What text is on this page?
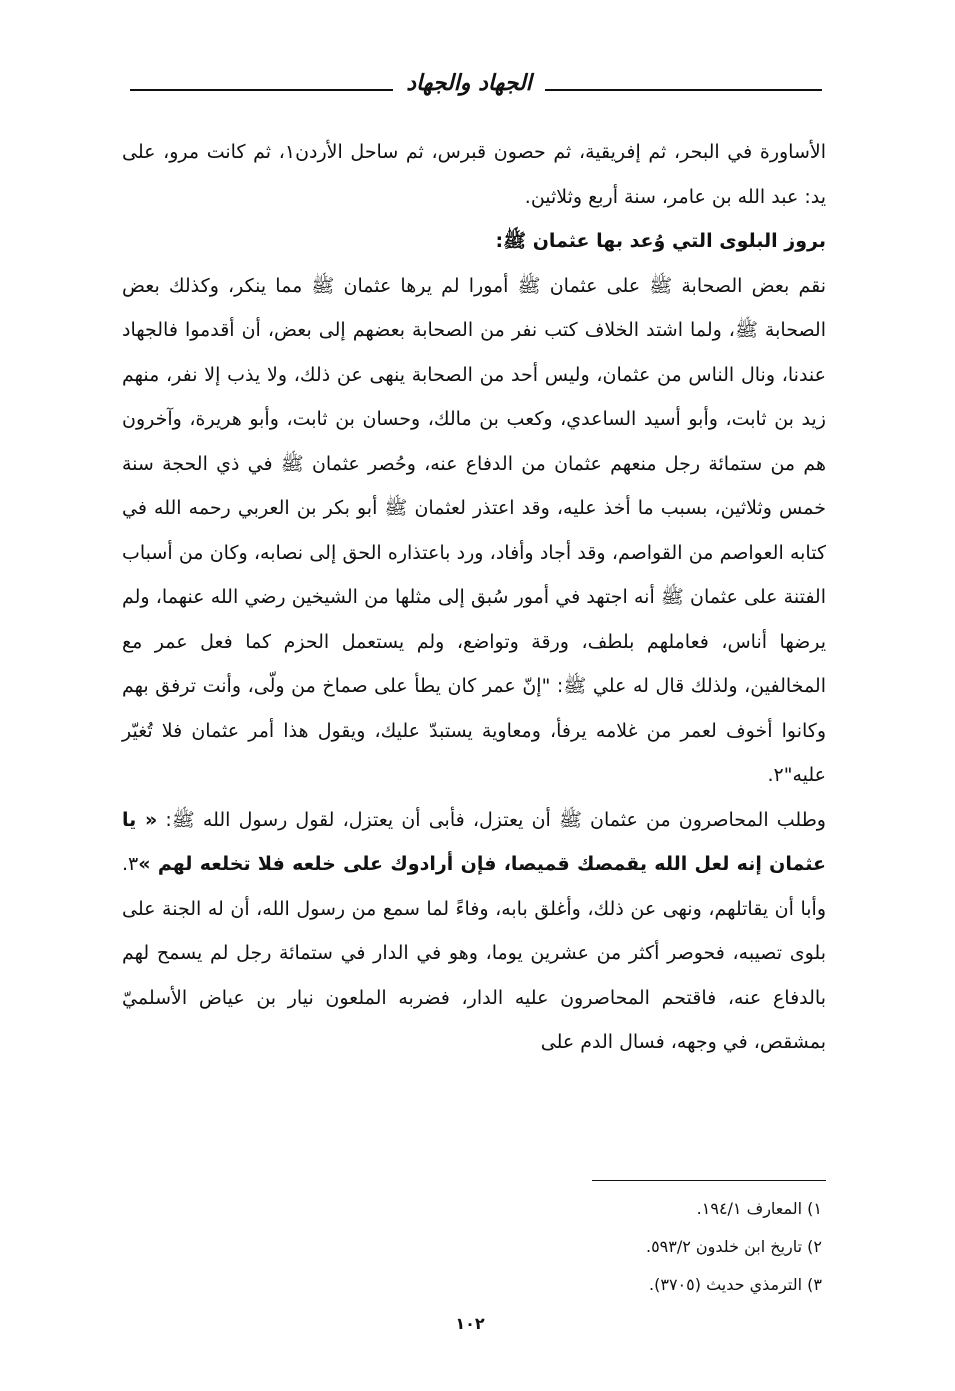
الجهاد والجهاد

الأساورة في البحر، ثم إفريقية، ثم حصون قبرس، ثم ساحل الأردن١، ثم كانت مرو، على يد: عبد الله بن عامر، سنة أربع وثلاثين.

بروز البلوى التي وُعد بها عثمان ﷺ:

نقم بعض الصحابة ﷺ على عثمان ﷺ أمورا لم يرها عثمان ﷺ مما ينكر، وكذلك بعض الصحابة ﷺ، ولما اشتد الخلاف كتب نفر من الصحابة بعضهم إلى بعض، أن أقدموا فالجهاد عندنا، ونال الناس من عثمان، وليس أحد من الصحابة ينهى عن ذلك، ولا يذب إلا نفر، منهم زيد بن ثابت، وأبو أسيد الساعدي، وكعب بن مالك، وحسان بن ثابت، وأبو هريرة، وآخرون هم من ستمائة رجل منعهم عثمان من الدفاع عنه، وحُصر عثمان ﷺ في ذي الحجة سنة خمس وثلاثين، بسبب ما أخذ عليه، وقد اعتذر لعثمان ﷺ أبو بكر بن العربي رحمه الله في كتابه العواصم من القواصم، وقد أجاد وأفاد، ورد باعتذاره الحق إلى نصابه، وكان من أسباب الفتنة على عثمان ﷺ أنه اجتهد في أمور سُبق إلى مثلها من الشيخين رضي الله عنهما، ولم يرضها أناس، فعاملهم بلطف، ورقة وتواضع، ولم يستعمل الحزم كما فعل عمر مع المخالفين، ولذلك قال له علي ﷺ: "إنّ عمر كان يطأ على صماخ من ولّى، وأنت ترفق بهم وكانوا أخوف لعمر من غلامه يرفأ، ومعاوية يستبدّ عليك، ويقول هذا أمر عثمان فلا تُغيّر عليه"٢.

وطلب المحاصرون من عثمان ﷺ أن يعتزل، فأبى أن يعتزل، لقول رسول الله ﷺ: « يا عثمان إنه لعل الله يقمصك قميصا، فإن أرادوك على خلعه فلا تخلعه لهم »٣. وأبا أن يقاتلهم، ونهى عن ذلك، وأغلق بابه، وفاءً لما سمع من رسول الله، أن له الجنة على بلوى تصيبه، فحوصر أكثر من عشرين يوما، وهو في الدار في ستمائة رجل لم يسمح لهم بالدفاع عنه، فاقتحم المحاصرون عليه الدار، فضربه الملعون نيار بن عياض الأسلميّ بمشقص، في وجهه، فسال الدم على

١) المعارف ١٩٤/١.

٢) تاريخ ابن خلدون ٥٩٣/٢.

٣) الترمذي حديث (٣٧٠٥).

١٠٢
